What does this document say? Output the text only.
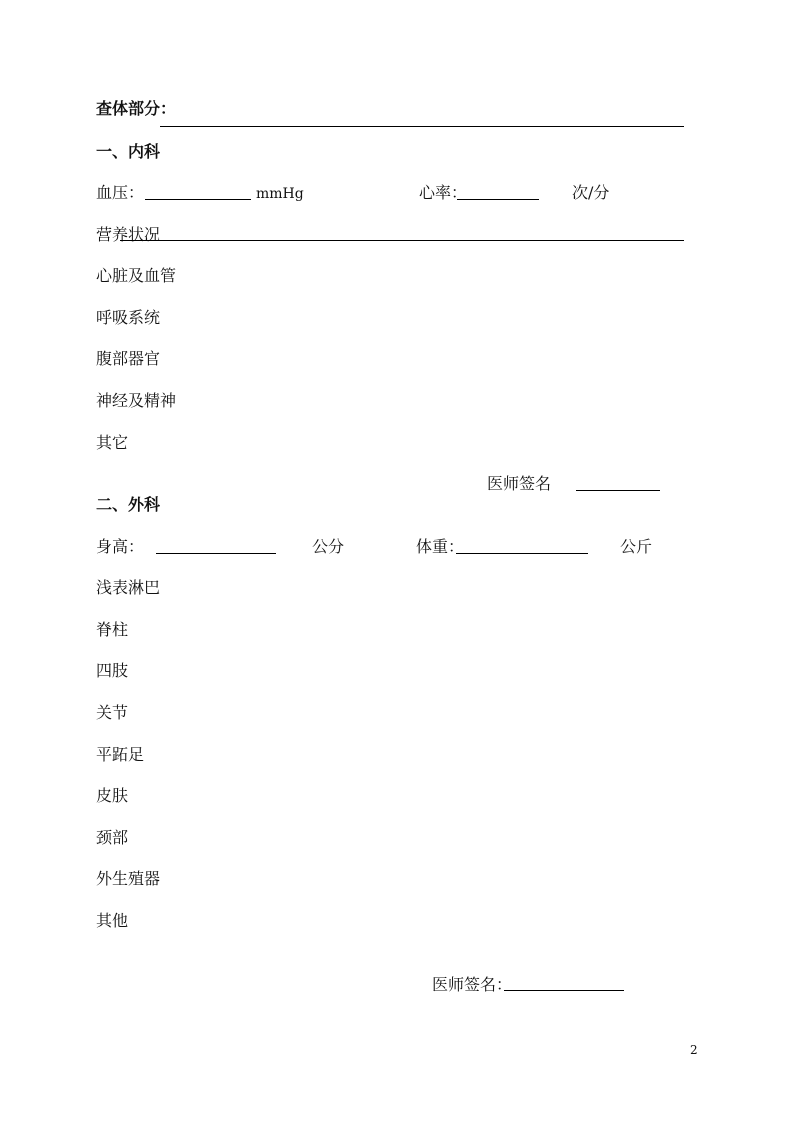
查体部分：
一、内科
血压：	mmHg	心率：	次/分
营养状况
心脏及血管
呼吸系统
腹部器官
神经及精神
其它
医师签名
二、外科
身高：	公分	体重：	公斤
浅表淋巴
脊柱
四肢
关节
平跖足
皮肤
颈部
外生殖器
其他
医师签名：
2
